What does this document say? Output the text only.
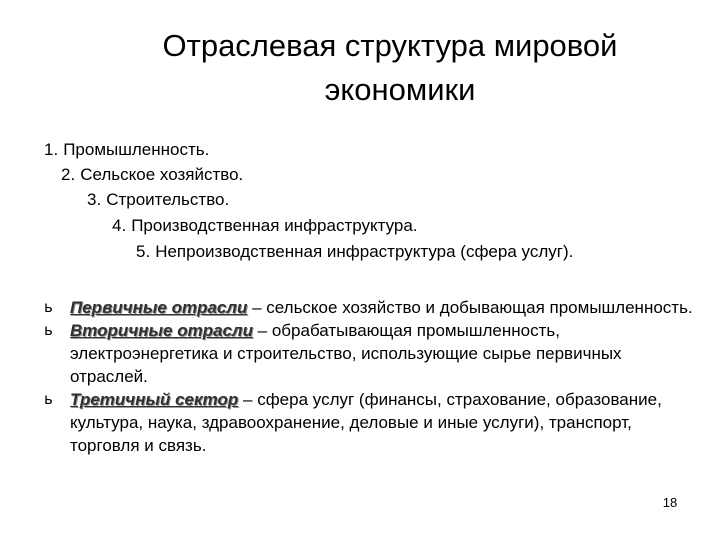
Отраслевая структура мировой
экономики
1. Промышленность.
2. Сельское хозяйство.
3. Строительство.
4. Производственная инфраструктура.
5. Непроизводственная инфраструктура (сфера услуг).

ь Первичные отрасли – сельское хозяйство и добывающая промышленность.

ь Вторичные отрасли – обрабатывающая промышленность, электроэнергетика и строительство, использующие сырье первичных отраслей.

ь Третичный сектор – сфера услуг (финансы, страхование, образование, культура, наука, здравоохранение, деловые и иные услуги), транспорт, торговля и связь.

18
